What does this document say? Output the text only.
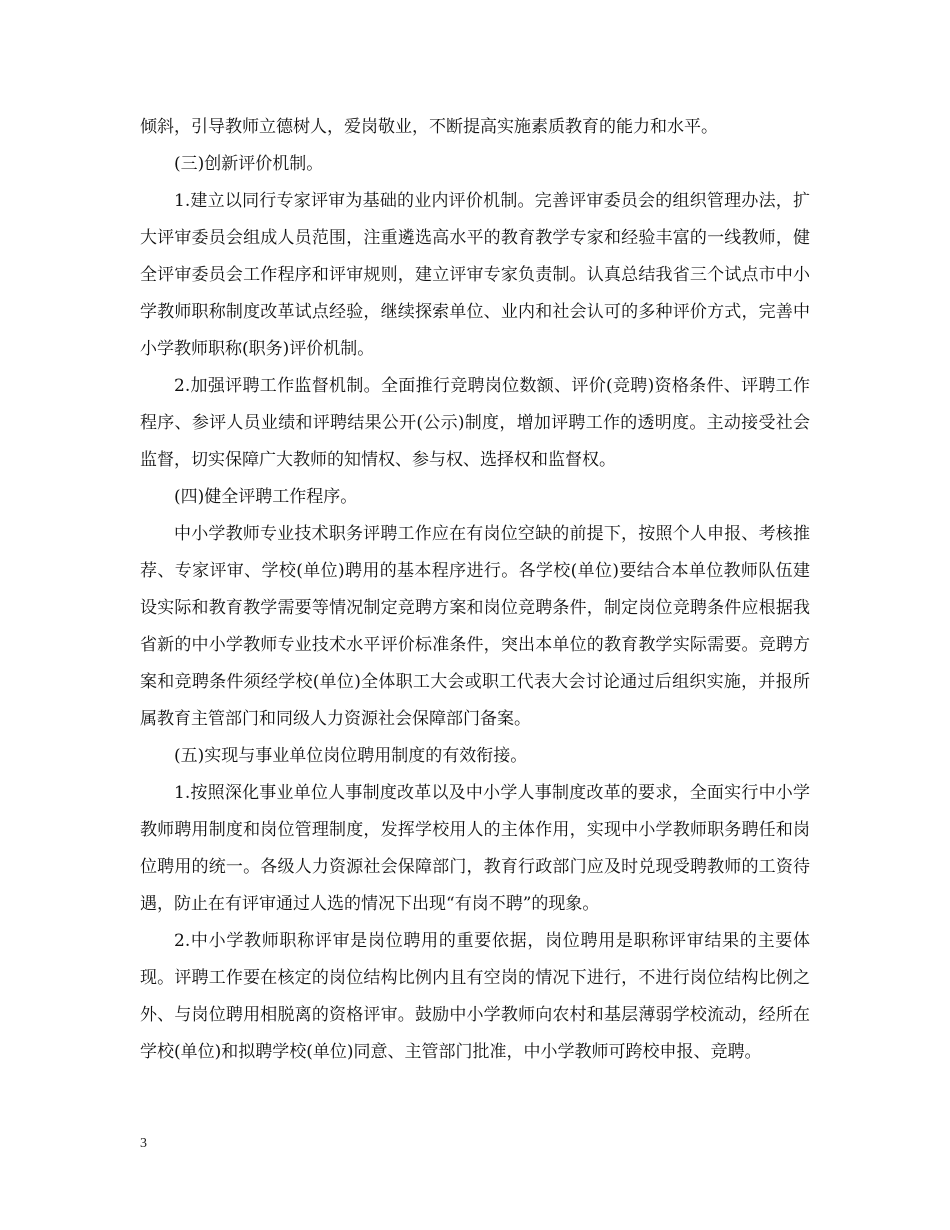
倾斜，引导教师立德树人，爱岗敬业，不断提高实施素质教育的能力和水平。

(三)创新评价机制。

1.建立以同行专家评审为基础的业内评价机制。完善评审委员会的组织管理办法，扩大评审委员会组成人员范围，注重遴选高水平的教育教学专家和经验丰富的一线教师，健全评审委员会工作程序和评审规则，建立评审专家负责制。认真总结我省三个试点市中小学教师职称制度改革试点经验，继续探索单位、业内和社会认可的多种评价方式，完善中小学教师职称(职务)评价机制。

2.加强评聘工作监督机制。全面推行竞聘岗位数额、评价(竞聘)资格条件、评聘工作程序、参评人员业绩和评聘结果公开(公示)制度，增加评聘工作的透明度。主动接受社会监督，切实保障广大教师的知情权、参与权、选择权和监督权。

(四)健全评聘工作程序。

中小学教师专业技术职务评聘工作应在有岗位空缺的前提下，按照个人申报、考核推荐、专家评审、学校(单位)聘用的基本程序进行。各学校(单位)要结合本单位教师队伍建设实际和教育教学需要等情况制定竞聘方案和岗位竞聘条件，制定岗位竞聘条件应根据我省新的中小学教师专业技术水平评价标准条件，突出本单位的教育教学实际需要。竞聘方案和竞聘条件须经学校(单位)全体职工大会或职工代表大会讨论通过后组织实施，并报所属教育主管部门和同级人力资源社会保障部门备案。

(五)实现与事业单位岗位聘用制度的有效衔接。

1.按照深化事业单位人事制度改革以及中小学人事制度改革的要求，全面实行中小学教师聘用制度和岗位管理制度，发挥学校用人的主体作用，实现中小学教师职务聘任和岗位聘用的统一。各级人力资源社会保障部门，教育行政部门应及时兑现受聘教师的工资待遇，防止在有评审通过人选的情况下出现“有岗不聘”的现象。

2.中小学教师职称评审是岗位聘用的重要依据，岗位聘用是职称评审结果的主要体现。评聘工作要在核定的岗位结构比例内且有空岗的情况下进行，不进行岗位结构比例之外、与岗位聘用相脱离的资格评审。鼓励中小学教师向农村和基层薄弱学校流动，经所在学校(单位)和拟聘学校(单位)同意、主管部门批准，中小学教师可跨校申报、竞聘。

3
